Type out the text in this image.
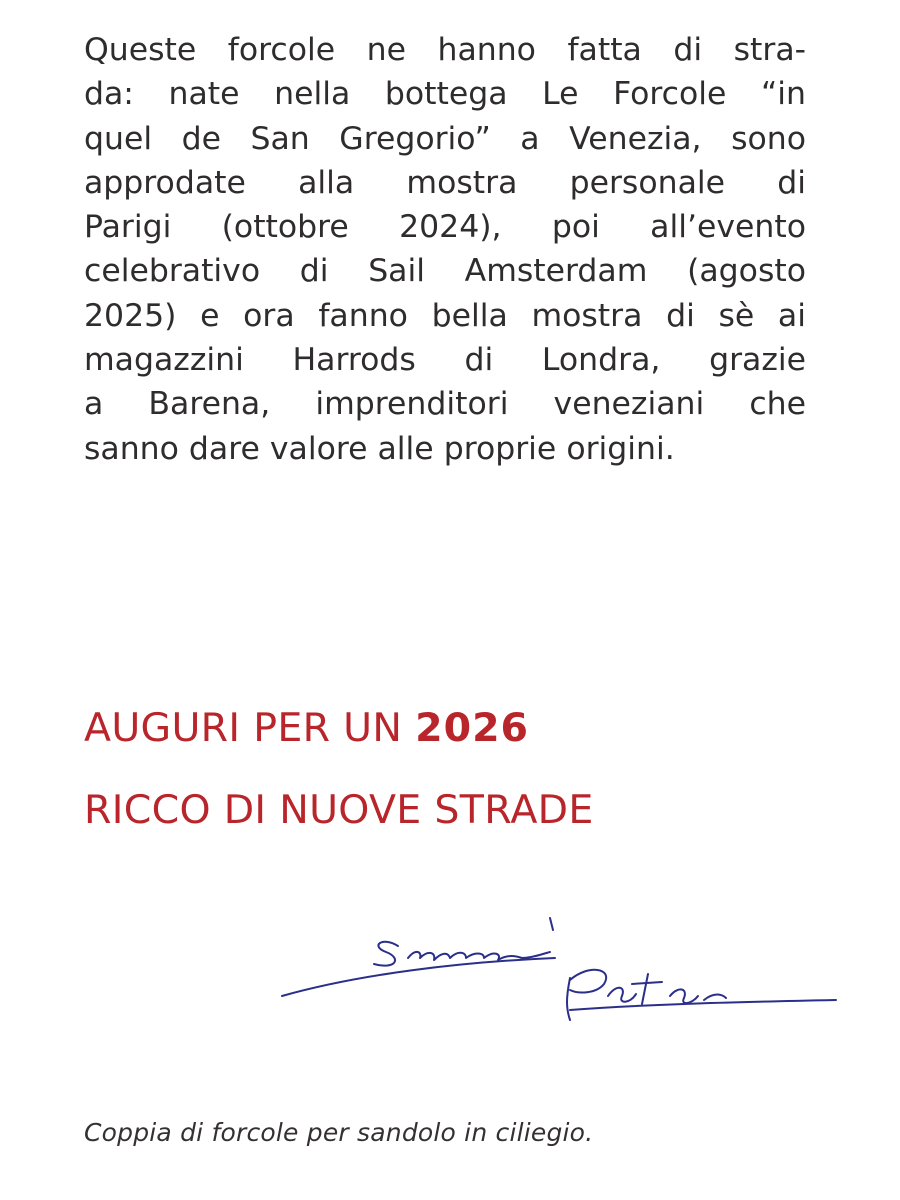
Queste forcole ne hanno fatta di stra-
da: nate nella bottega Le Forcole “in
quel de San Gregorio” a Venezia, sono
approdate alla mostra personale di
Parigi (ottobre 2024), poi all’evento
celebrativo di Sail Amsterdam (agosto
2025) e ora fanno bella mostra di sè ai
magazzini Harrods di Londra, grazie
a Barena, imprenditori veneziani che
sanno dare valore alle proprie origini.
AUGURI PER UN 2026
RICCO DI NUOVE STRADE
Coppia di forcole per sandolo in ciliegio.
